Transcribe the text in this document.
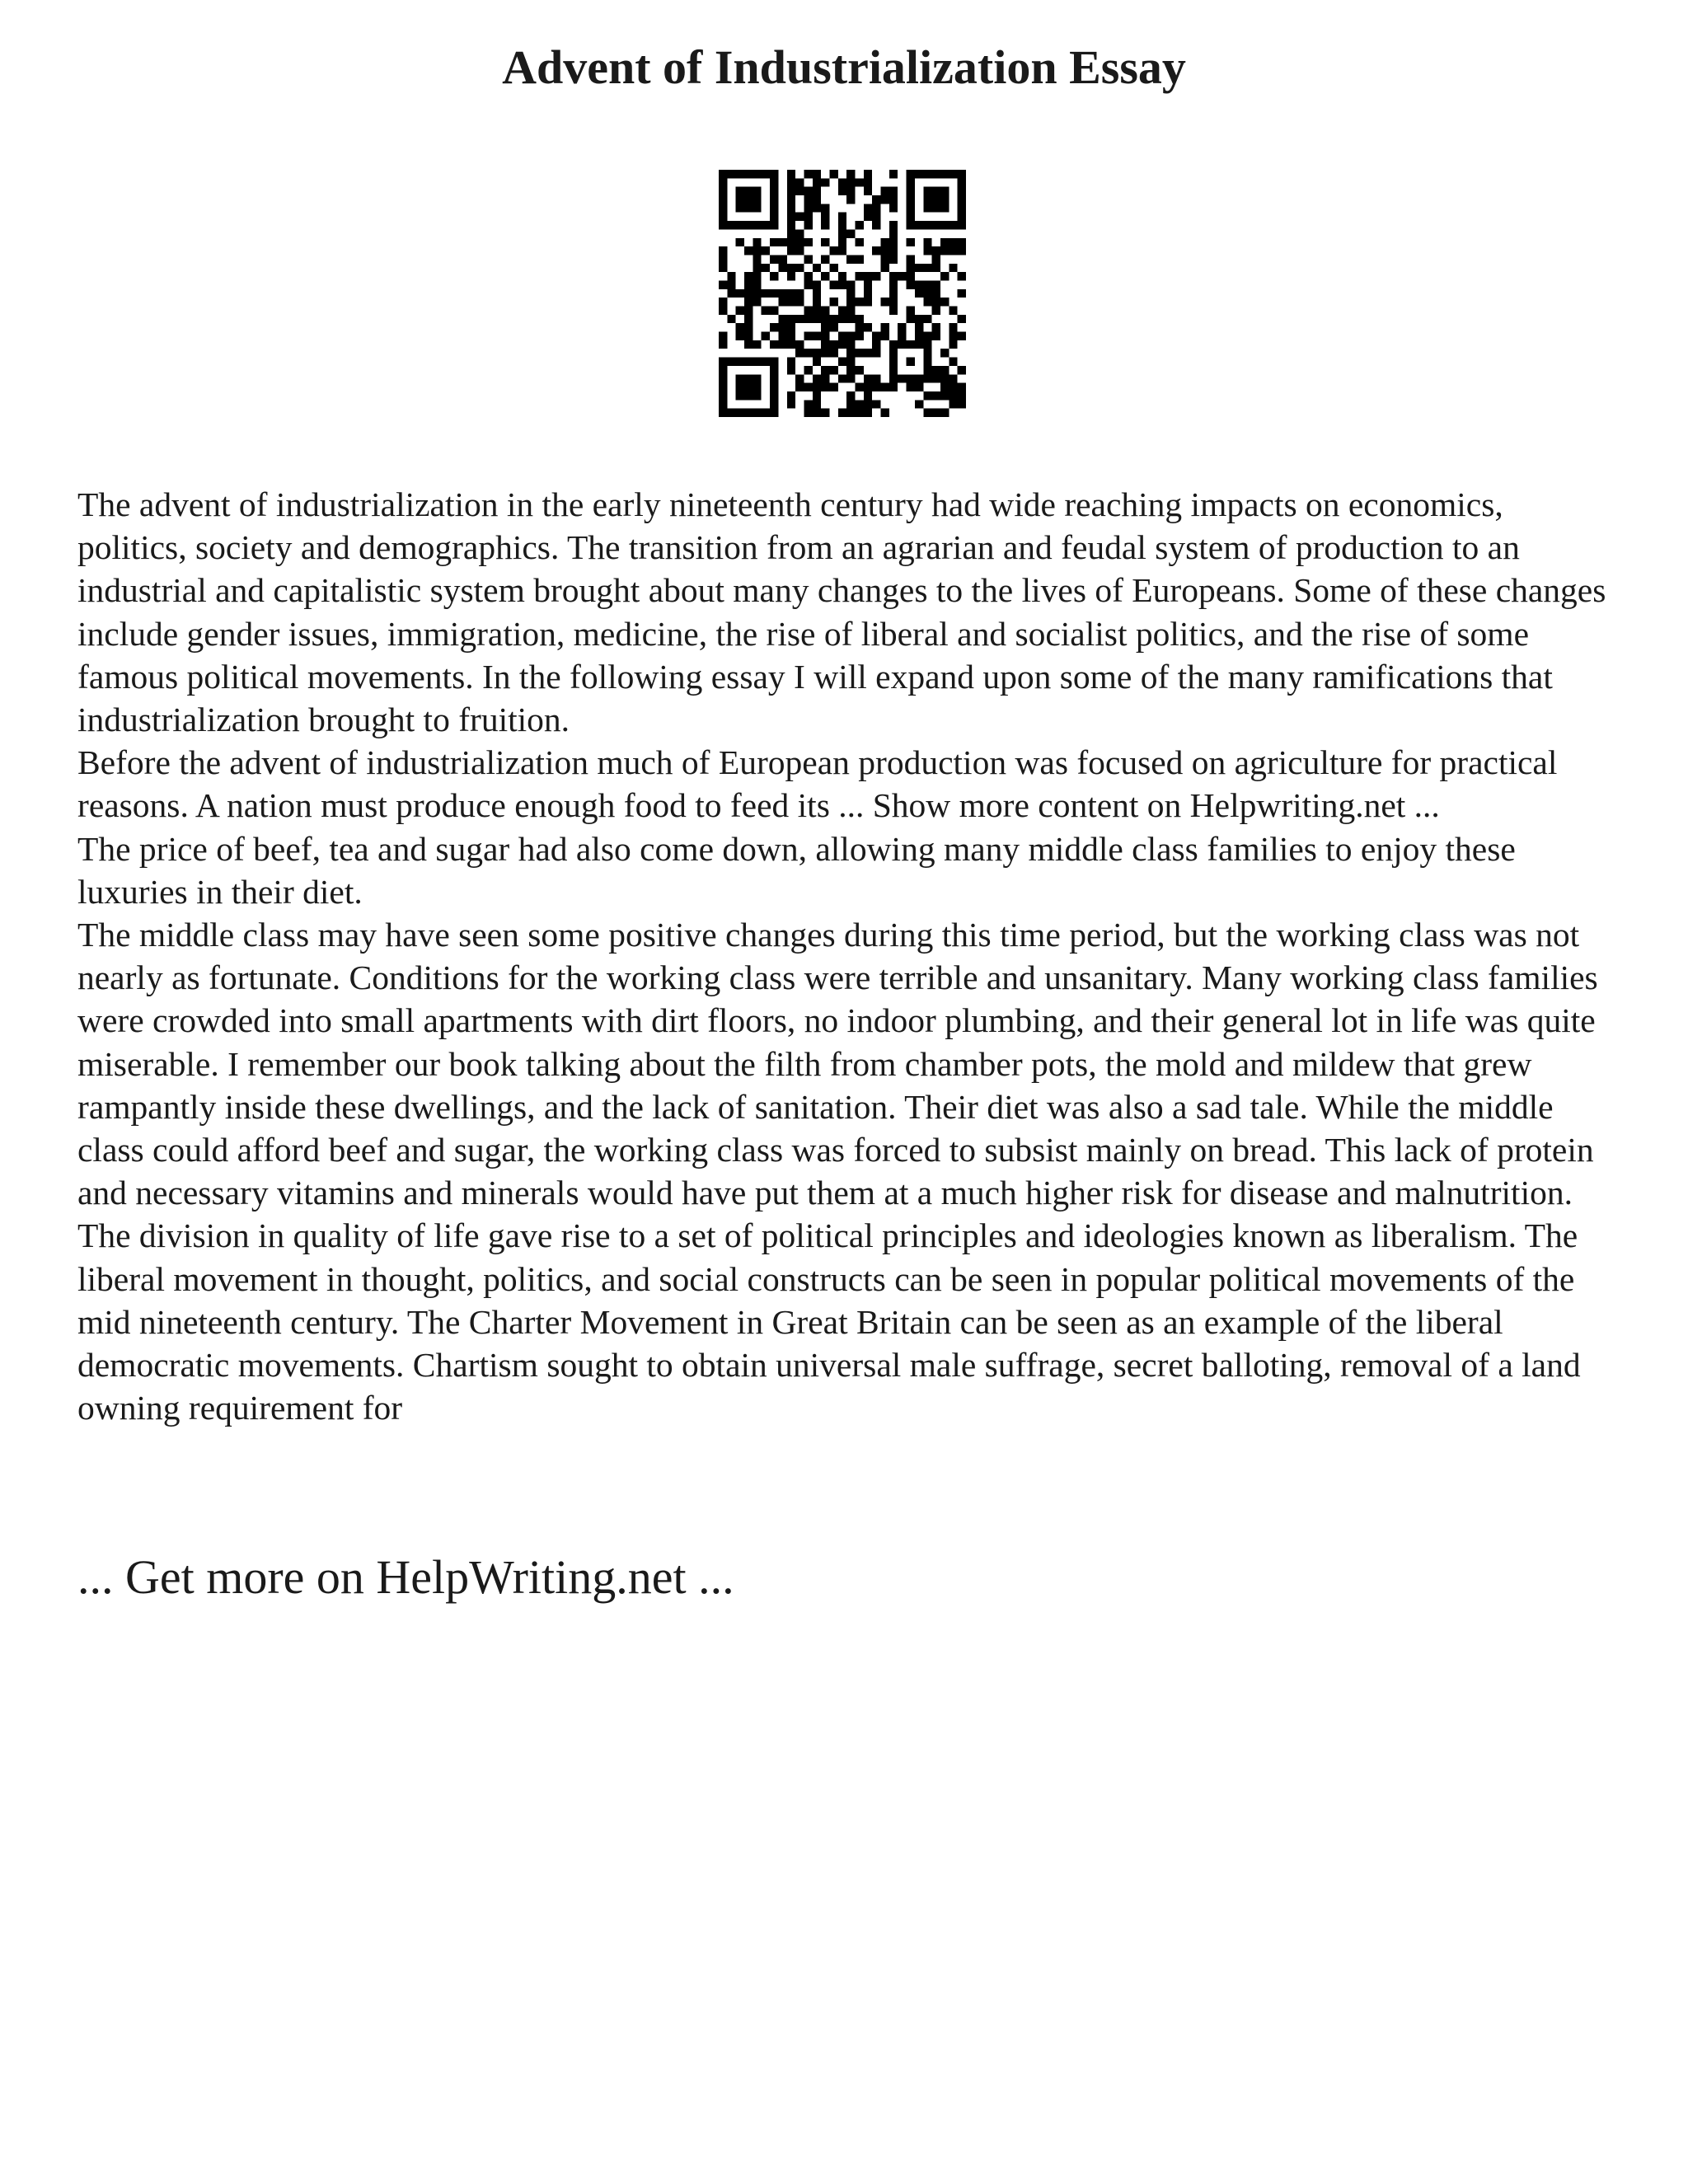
Advent of Industrialization Essay

The advent of industrialization in the early nineteenth century had wide reaching impacts on economics, politics, society and demographics. The transition from an agrarian and feudal system of production to an industrial and capitalistic system brought about many changes to the lives of Europeans. Some of these changes include gender issues, immigration, medicine, the rise of liberal and socialist politics, and the rise of some famous political movements. In the following essay I will expand upon some of the many ramifications that industrialization brought to fruition.

Before the advent of industrialization much of European production was focused on agriculture for practical reasons. A nation must produce enough food to feed its ... Show more content on Helpwriting.net ...

The price of beef, tea and sugar had also come down, allowing many middle class families to enjoy these luxuries in their diet.

The middle class may have seen some positive changes during this time period, but the working class was not nearly as fortunate. Conditions for the working class were terrible and unsanitary. Many working class families were crowded into small apartments with dirt floors, no indoor plumbing, and their general lot in life was quite miserable. I remember our book talking about the filth from chamber pots, the mold and mildew that grew rampantly inside these dwellings, and the lack of sanitation. Their diet was also a sad tale. While the middle class could afford beef and sugar, the working class was forced to subsist mainly on bread. This lack of protein and necessary vitamins and minerals would have put them at a much higher risk for disease and malnutrition.

The division in quality of life gave rise to a set of political principles and ideologies known as liberalism. The liberal movement in thought, politics, and social constructs can be seen in popular political movements of the mid nineteenth century. The Charter Movement in Great Britain can be seen as an example of the liberal democratic movements. Chartism sought to obtain universal male suffrage, secret balloting, removal of a land owning requirement for

... Get more on HelpWriting.net ...
